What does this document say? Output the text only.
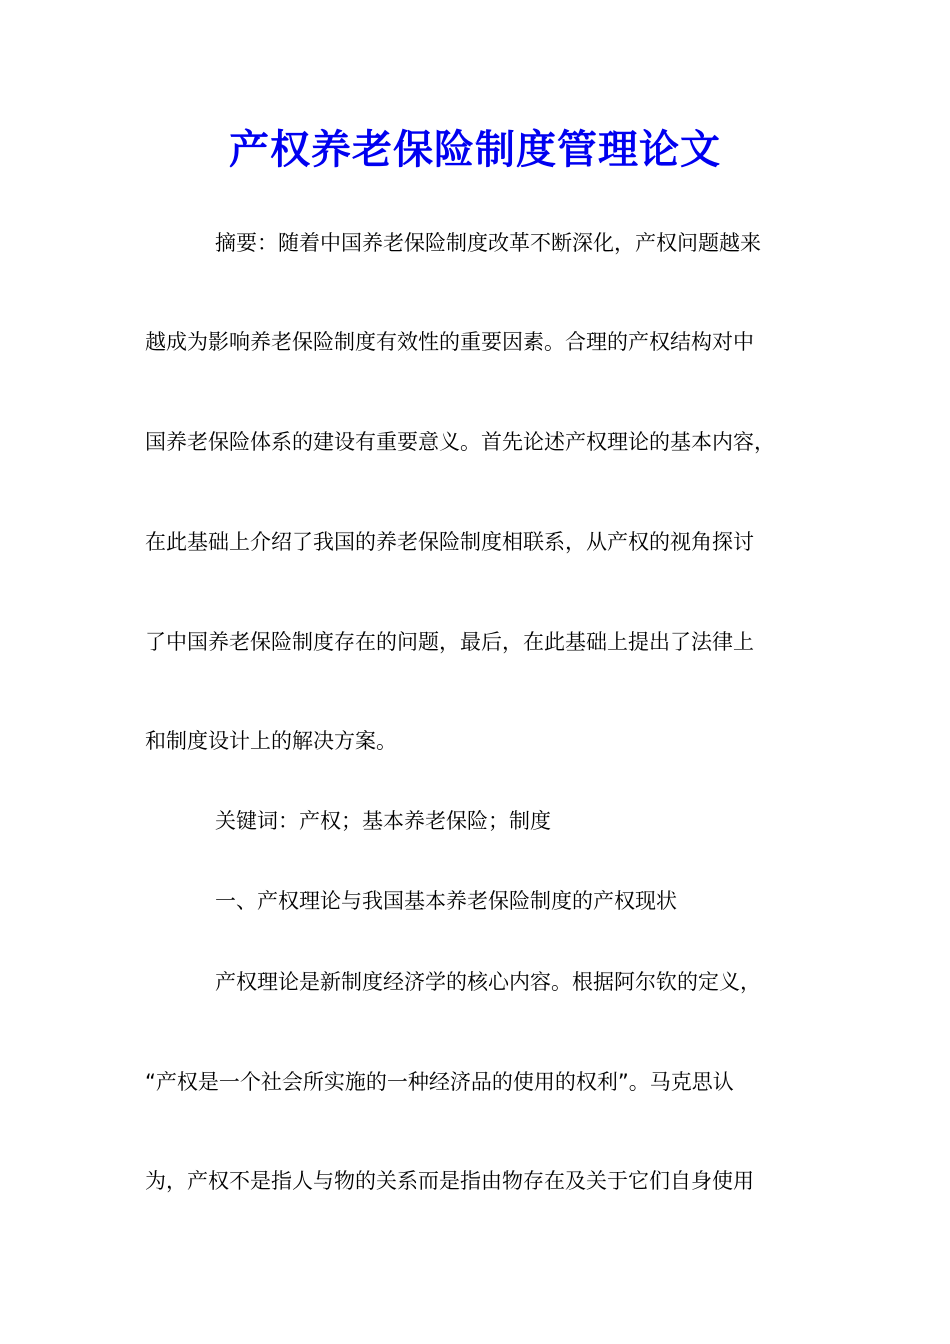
产权养老保险制度管理论文

摘要：随着中国养老保险制度改革不断深化，产权问题越来

越成为影响养老保险制度有效性的重要因素。合理的产权结构对中

国养老保险体系的建设有重要意义。首先论述产权理论的基本内容，

在此基础上介绍了我国的养老保险制度相联系，从产权的视角探讨

了中国养老保险制度存在的问题，最后，在此基础上提出了法律上

和制度设计上的解决方案。

关键词：产权；基本养老保险；制度

一、产权理论与我国基本养老保险制度的产权现状

产权理论是新制度经济学的核心内容。根据阿尔钦的定义，

“产权是一个社会所实施的一种经济品的使用的权利”。马克思认

为，产权不是指人与物的关系而是指由物存在及关于它们自身使用
